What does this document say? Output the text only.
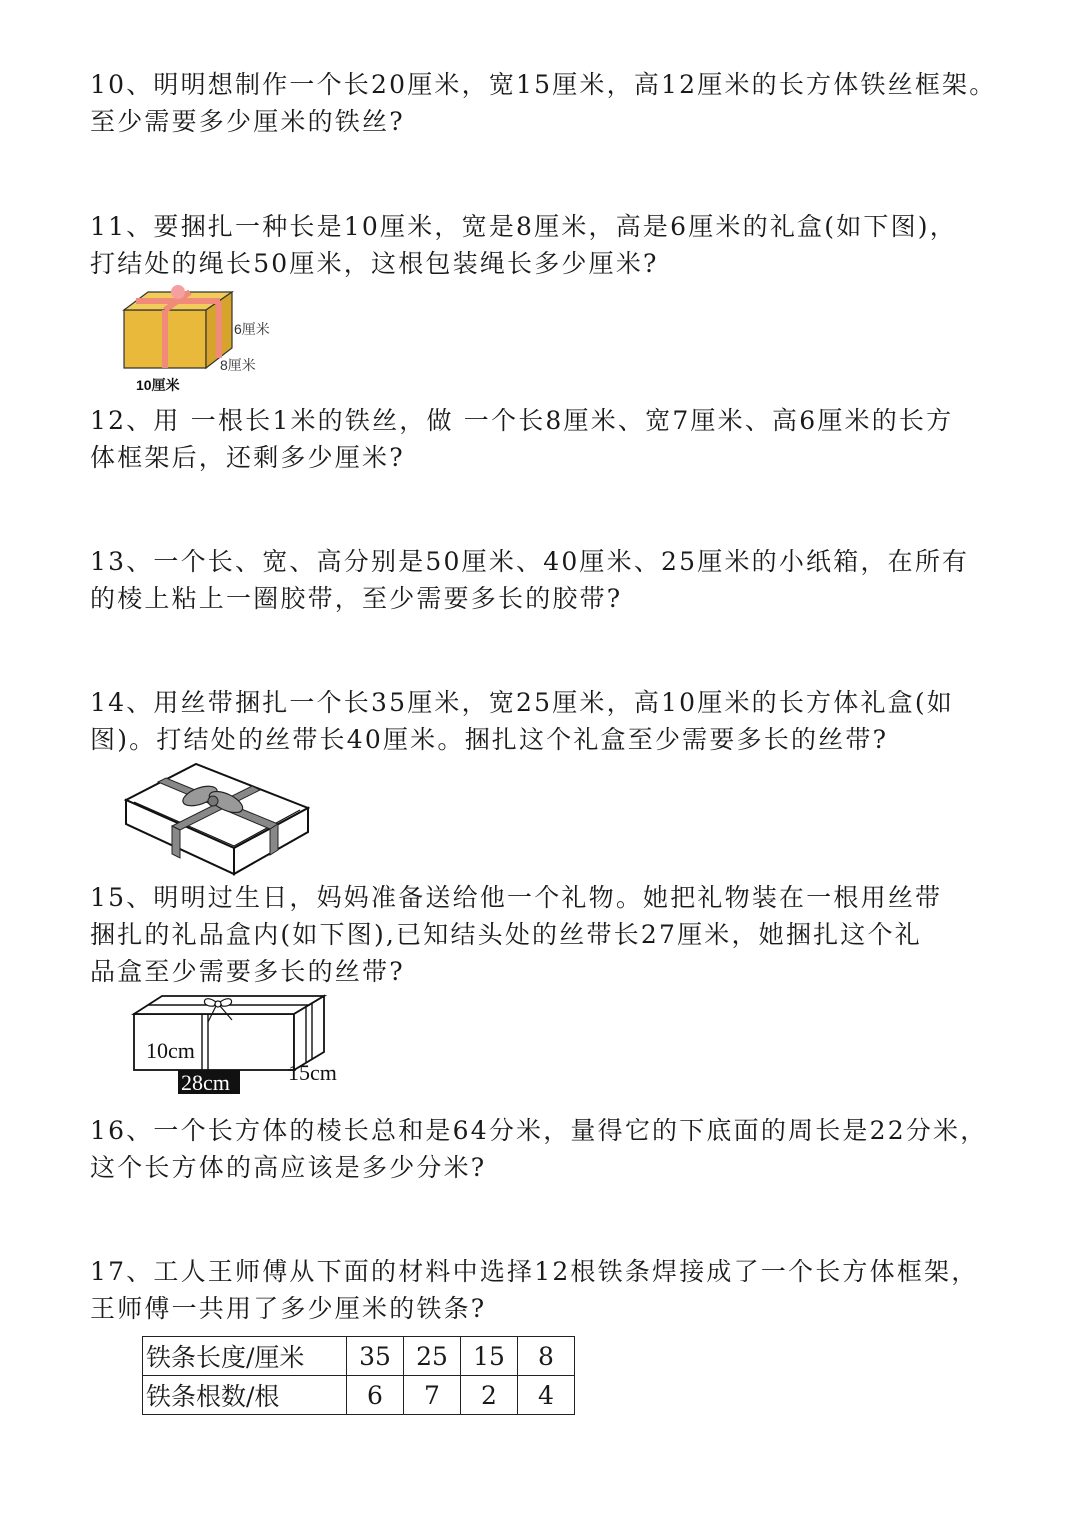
10、明明想制作一个长20厘米，宽15厘米，高12厘米的长方体铁丝框架。
至少需要多少厘米的铁丝?
11、要捆扎一种长是10厘米，宽是8厘米，高是6厘米的礼盒(如下图)，
打结处的绳长50厘米，这根包装绳长多少厘米?
6厘米
8厘米
10厘米
12、用 一根长1米的铁丝，做 一个长8厘米、宽7厘米、高6厘米的长方
体框架后，还剩多少厘米?
13、一个长、宽、高分别是50厘米、40厘米、25厘米的小纸箱，在所有
的棱上粘上一圈胶带，至少需要多长的胶带?
14、用丝带捆扎一个长35厘米，宽25厘米，高10厘米的长方体礼盒(如
图)。打结处的丝带长40厘米。捆扎这个礼盒至少需要多长的丝带?
15、明明过生日，妈妈准备送给他一个礼物。她把礼物装在一根用丝带
捆扎的礼品盒内(如下图),已知结头处的丝带长27厘米，她捆扎这个礼
品盒至少需要多长的丝带?
10cm
28cm	15cm
16、一个长方体的棱长总和是64分米，量得它的下底面的周长是22分米，
这个长方体的高应该是多少分米?
17、工人王师傅从下面的材料中选择12根铁条焊接成了一个长方体框架，
王师傅一共用了多少厘米的铁条?
铁条长度/厘米	35	25	15	8
铁条根数/根	6	7	2	4
